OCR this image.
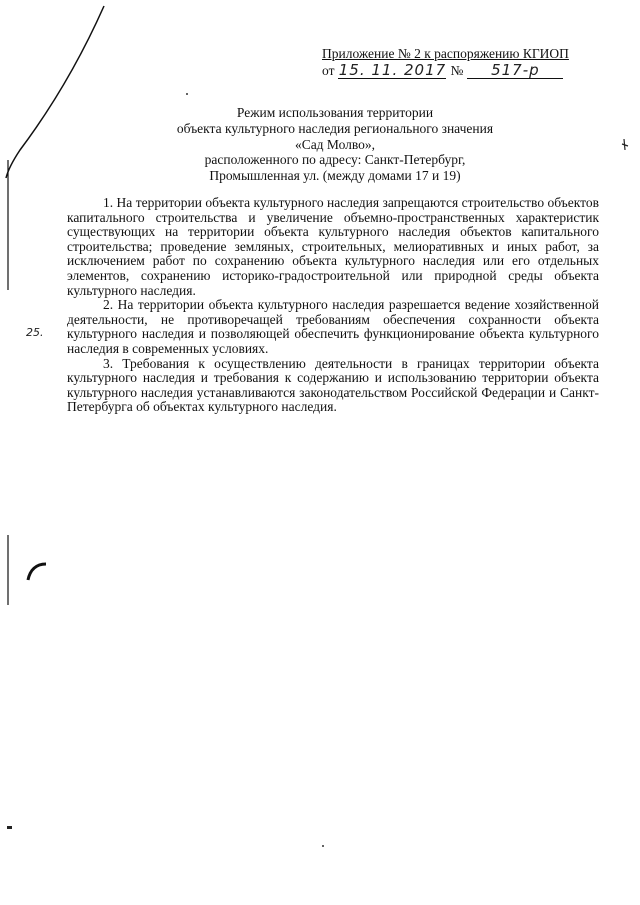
25.
Приложение № 2 к распоряжению КГИОП
от 15. 11. 2017 №	517-р
Режим использования территории
объекта культурного наследия регионального значения
«Сад Молво»,
расположенного по адресу: Санкт-Петербург,
Промышленная ул. (между домами 17 и 19)

1. На территории объекта культурного наследия запрещаются строительство объектов капитального строительства и увеличение объемно-пространственных характеристик существующих на территории объекта культурного наследия объектов капитального строительства; проведение земляных, строительных, мелиоративных и иных работ, за исключением работ по сохранению объекта культурного наследия или его отдельных элементов, сохранению историко-градостроительной или природной среды объекта культурного наследия.

2. На территории объекта культурного наследия разрешается ведение хозяйственной деятельности, не противоречащей требованиям обеспечения сохранности объекта культурного наследия и позволяющей обеспечить функционирование объекта культурного наследия в современных условиях.

3. Требования к осуществлению деятельности в границах территории объекта культурного наследия и требования к содержанию и использованию территории объекта культурного наследия устанавливаются законодательством Российской Федерации и Санкт-Петербурга об объектах культурного наследия.
